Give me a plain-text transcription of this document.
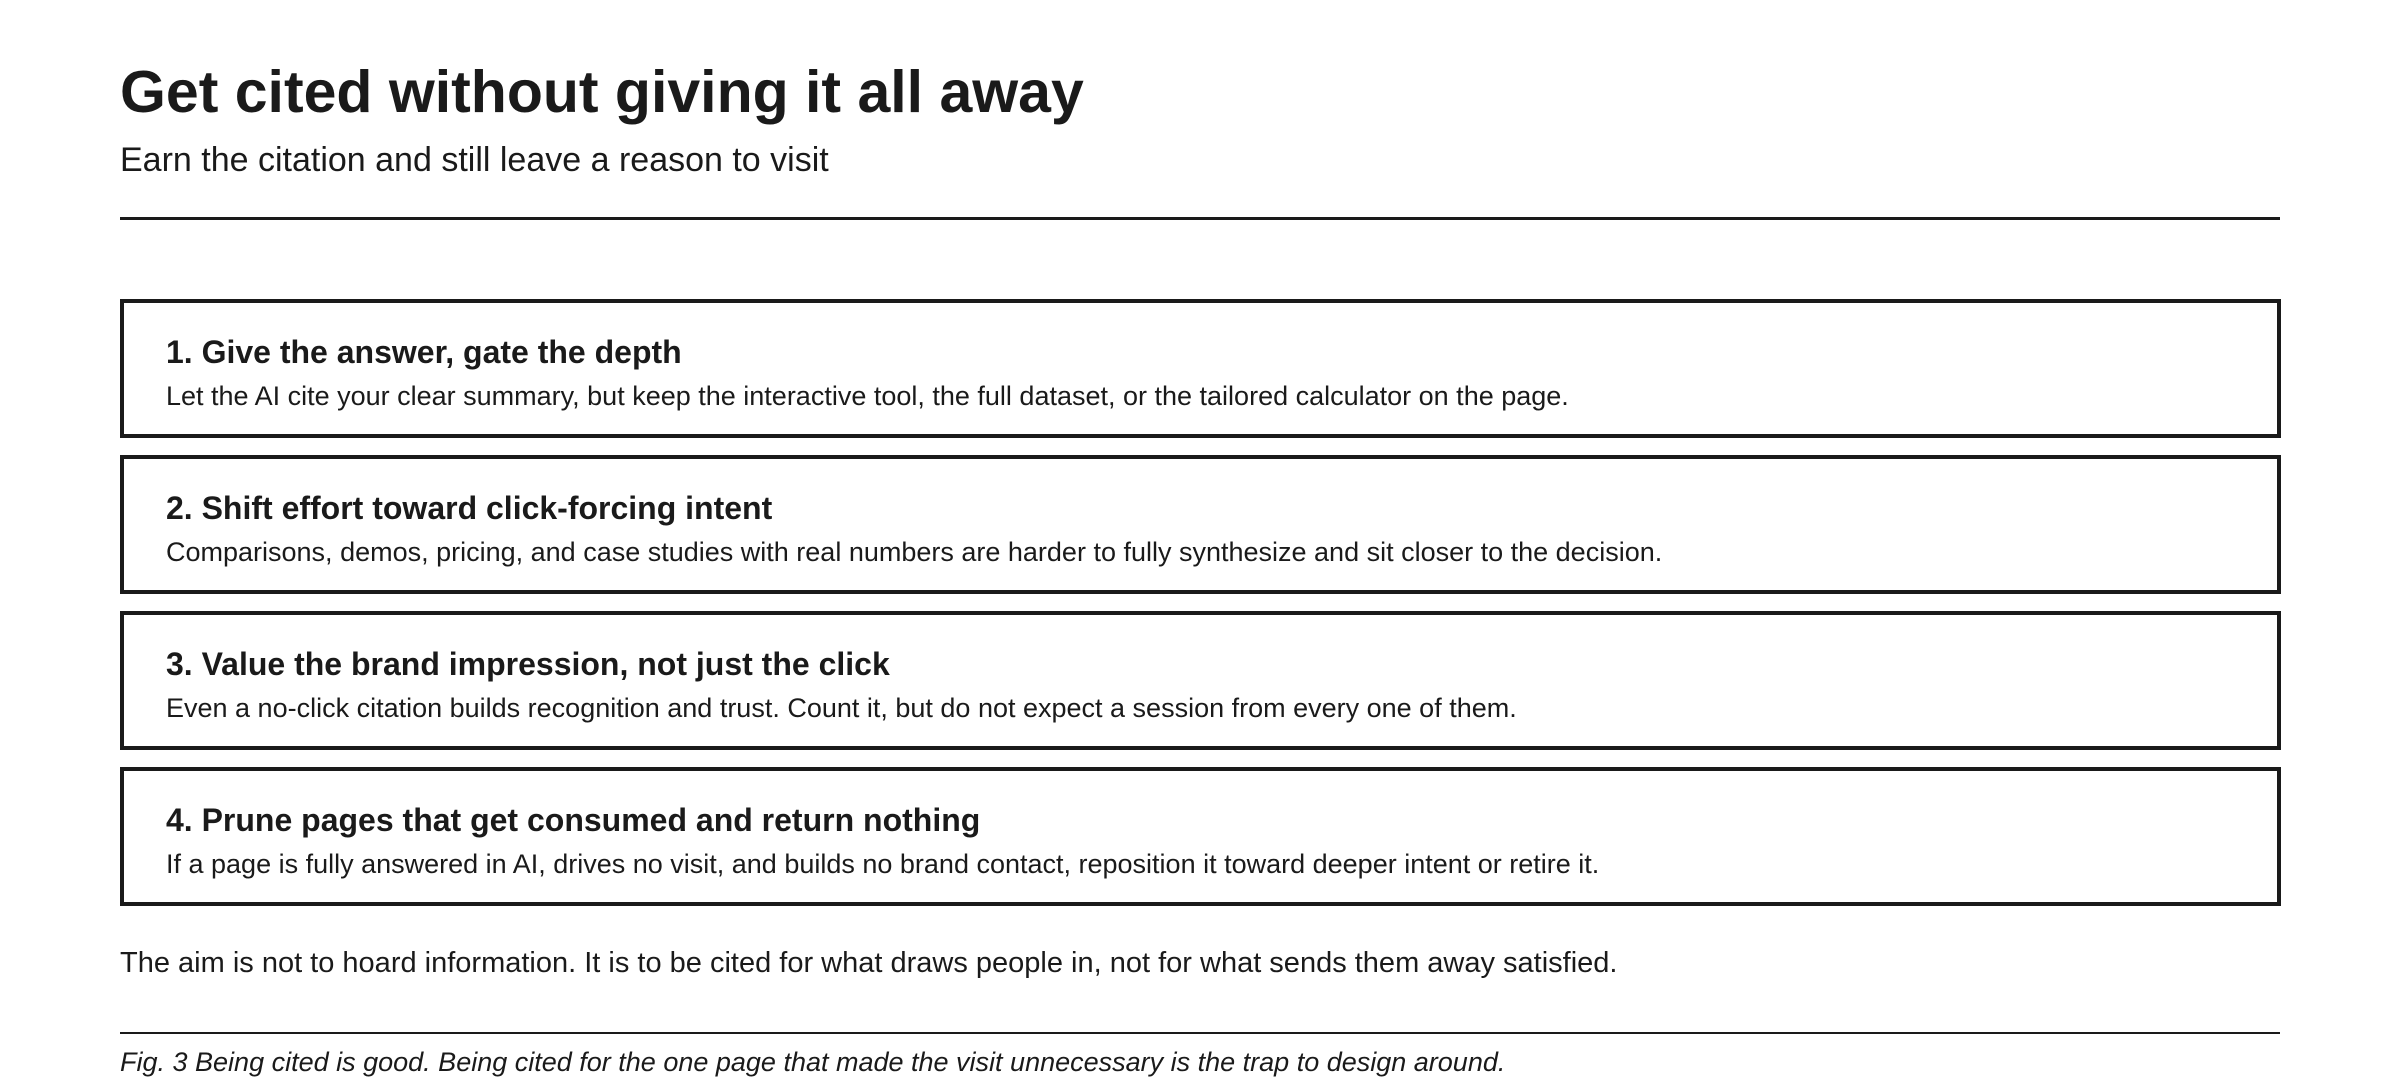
Get cited without giving it all away
Earn the citation and still leave a reason to visit
1. Give the answer, gate the depth

Let the AI cite your clear summary, but keep the interactive tool, the full dataset, or the tailored calculator on the page.

2. Shift effort toward click-forcing intent

Comparisons, demos, pricing, and case studies with real numbers are harder to fully synthesize and sit closer to the decision.

3. Value the brand impression, not just the click

Even a no-click citation builds recognition and trust. Count it, but do not expect a session from every one of them.

4. Prune pages that get consumed and return nothing

If a page is fully answered in AI, drives no visit, and builds no brand contact, reposition it toward deeper intent or retire it.

The aim is not to hoard information. It is to be cited for what draws people in, not for what sends them away satisfied.

Fig. 3 Being cited is good. Being cited for the one page that made the visit unnecessary is the trap to design around.
